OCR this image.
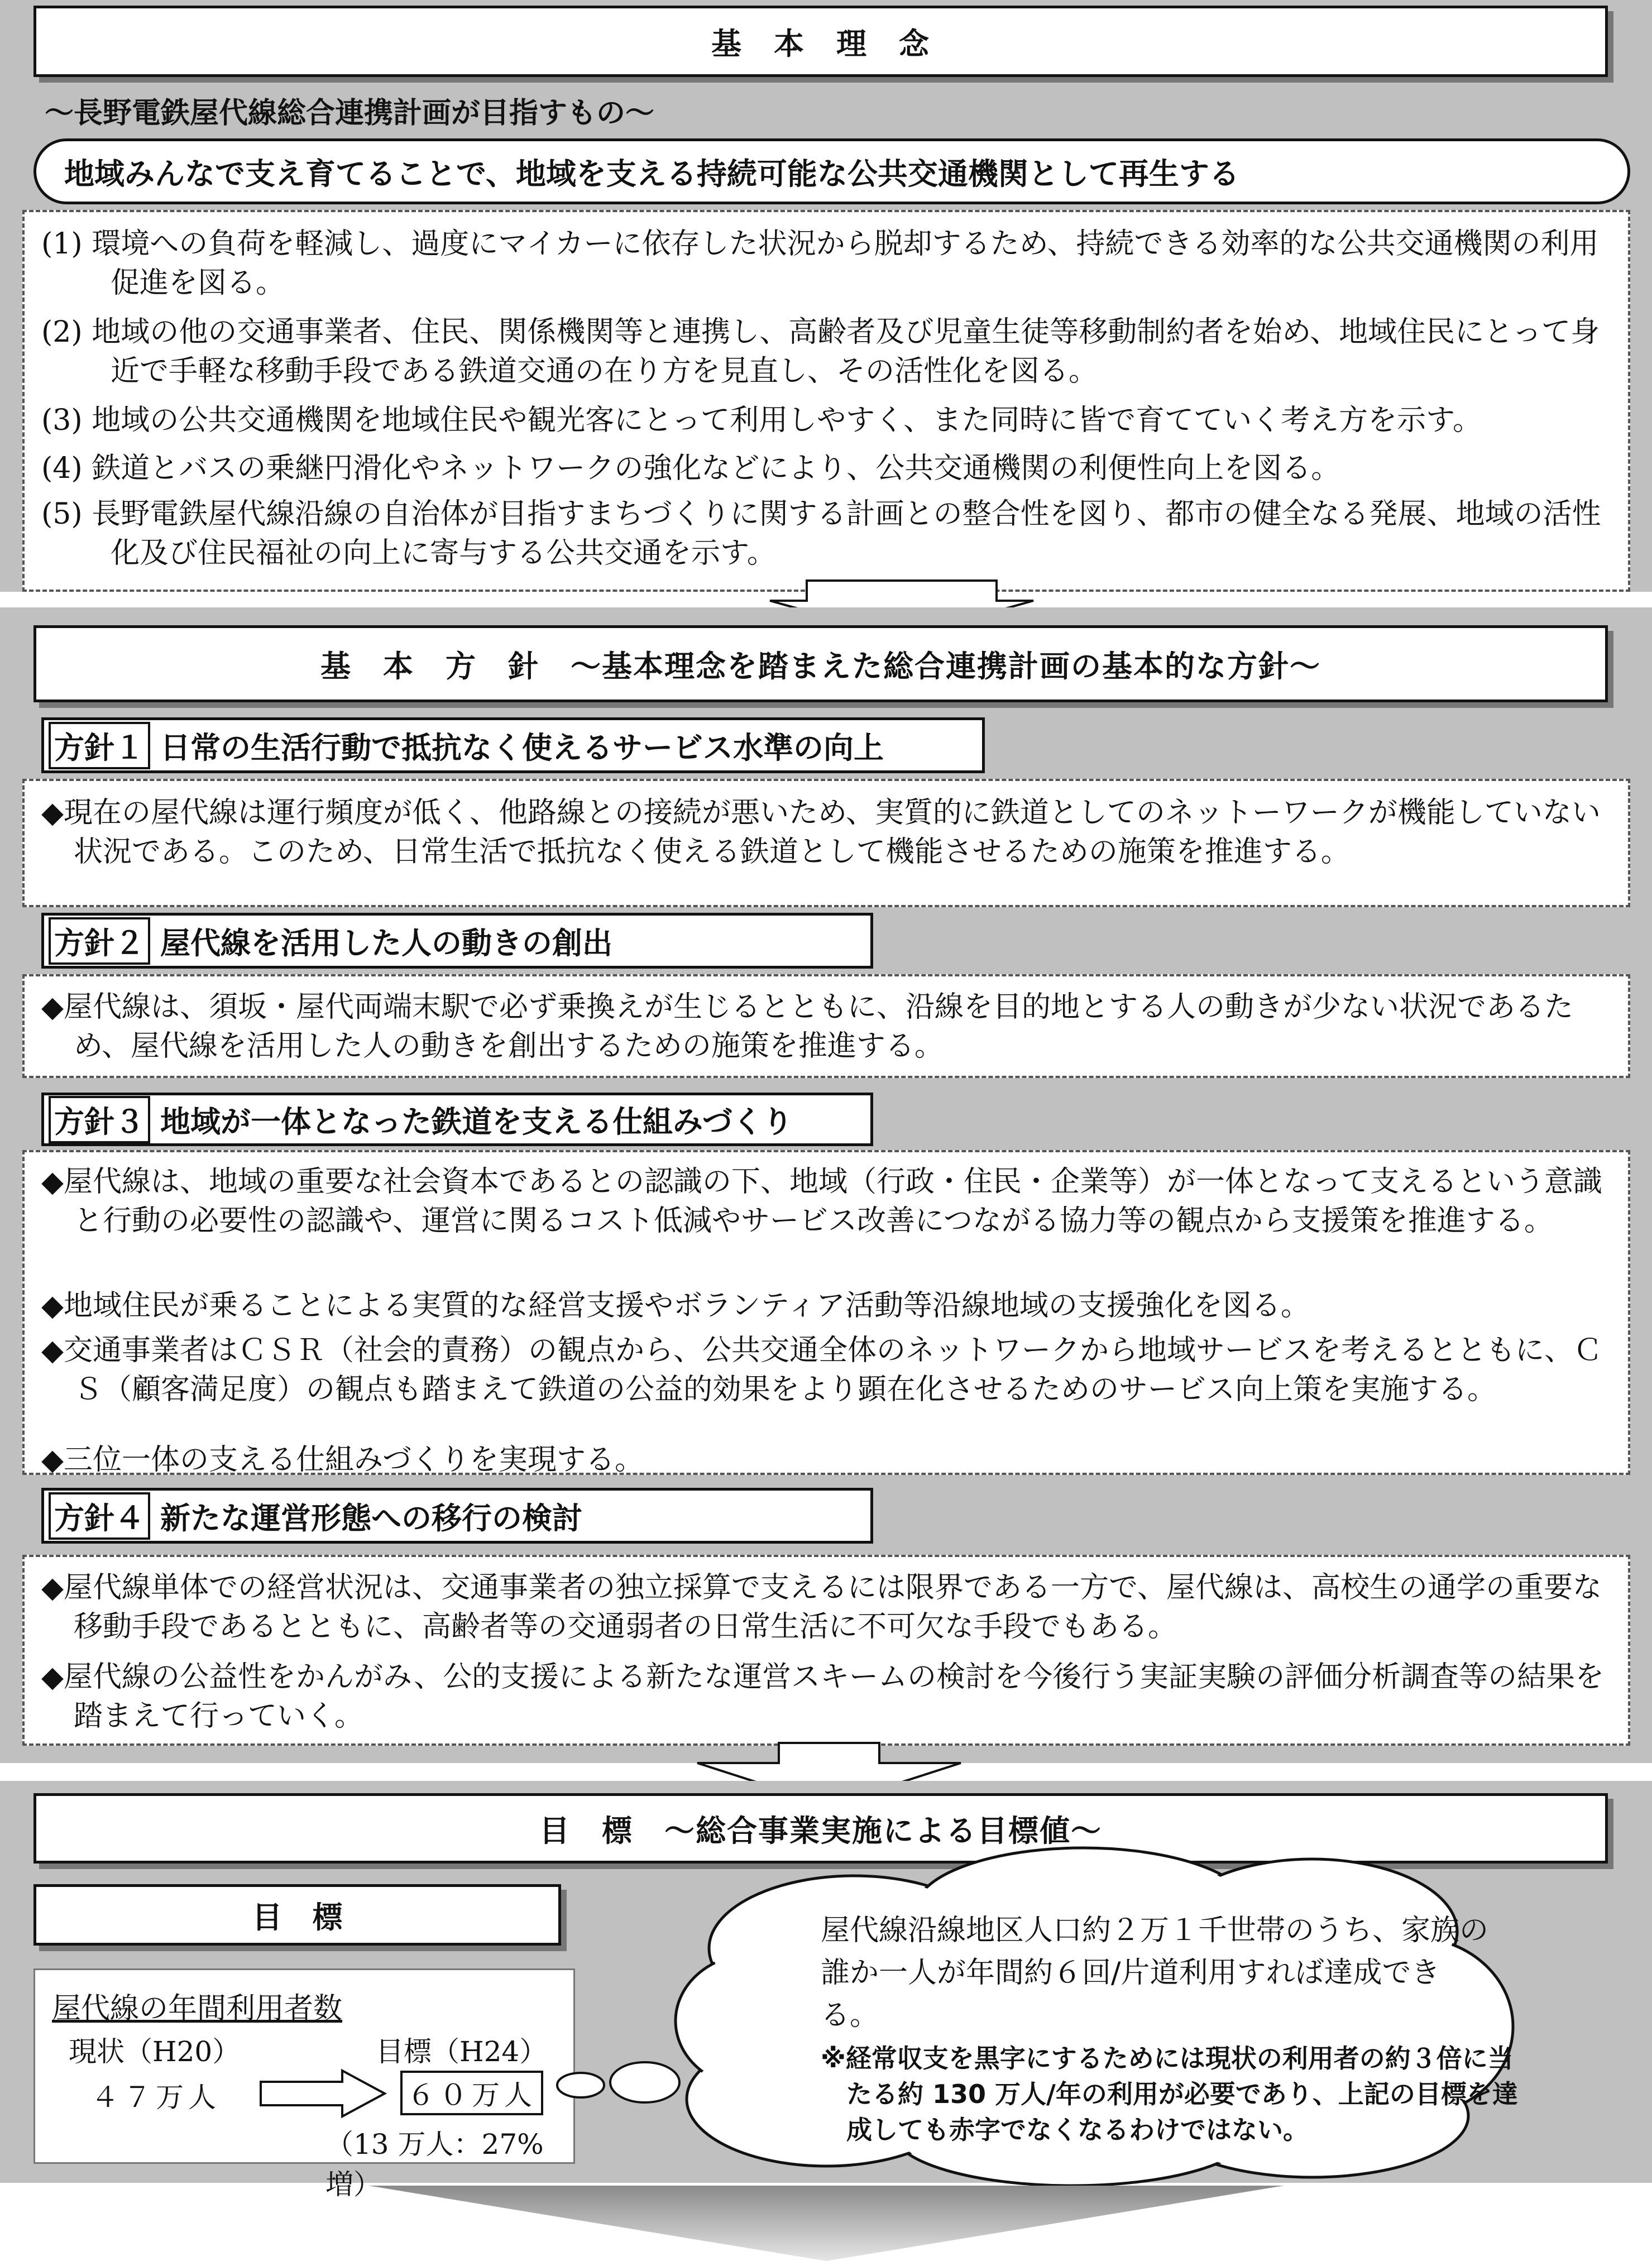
基　本　理　念
～長野電鉄屋代線総合連携計画が目指すもの～
地域みんなで支え育てることで、地域を支える持続可能な公共交通機関として再生する

(1) 環境への負荷を軽減し、過度にマイカーに依存した状況から脱却するため、持続できる効率的な公共交通機関の利用促進を図る。

(2) 地域の他の交通事業者、住民、関係機関等と連携し、高齢者及び児童生徒等移動制約者を始め、地域住民にとって身近で手軽な移動手段である鉄道交通の在り方を見直し、その活性化を図る。

(3) 地域の公共交通機関を地域住民や観光客にとって利用しやすく、また同時に皆で育てていく考え方を示す。

(4) 鉄道とバスの乗継円滑化やネットワークの強化などにより、公共交通機関の利便性向上を図る。

(5) 長野電鉄屋代線沿線の自治体が目指すまちづくりに関する計画との整合性を図り、都市の健全なる発展、地域の活性化及び住民福祉の向上に寄与する公共交通を示す。

基　本　方　針　～基本理念を踏まえた総合連携計画の基本的な方針～
方針１ 日常の生活行動で抵抗なく使えるサービス水準の向上

◆現在の屋代線は運行頻度が低く、他路線との接続が悪いため、実質的に鉄道としてのネットーワークが機能していない状況である。このため、日常生活で抵抗なく使える鉄道として機能させるための施策を推進する。

方針２ 屋代線を活用した人の動きの創出

◆屋代線は、須坂・屋代両端末駅で必ず乗換えが生じるとともに、沿線を目的地とする人の動きが少ない状況であるため、屋代線を活用した人の動きを創出するための施策を推進する。

方針３ 地域が一体となった鉄道を支える仕組みづくり

◆屋代線は、地域の重要な社会資本であるとの認識の下、地域（行政・住民・企業等）が一体となって支えるという意識と行動の必要性の認識や、運営に関るコスト低減やサービス改善につながる協力等の観点から支援策を推進する。

◆地域住民が乗ることによる実質的な経営支援やボランティア活動等沿線地域の支援強化を図る。

◆交通事業者はＣＳＲ（社会的責務）の観点から、公共交通全体のネットワークから地域サービスを考えるとともに、ＣＳ（顧客満足度）の観点も踏まえて鉄道の公益的効果をより顕在化させるためのサービス向上策を実施する。

◆三位一体の支える仕組みづくりを実現する。

方針４ 新たな運営形態への移行の検討

◆屋代線単体での経営状況は、交通事業者の独立採算で支えるには限界である一方で、屋代線は、高校生の通学の重要な移動手段であるとともに、高齢者等の交通弱者の日常生活に不可欠な手段でもある。

◆屋代線の公益性をかんがみ、公的支援による新たな運営スキームの検討を今後行う実証実験の評価分析調査等の結果を踏まえて行っていく。

目　標　～総合事業実施による目標値～
目　標
屋代線の年間利用者数
現状（H20）	目標（H24）
４７万人	６０万人
（13 万人：27%増）
屋代線沿線地区人口約２万１千世帯のうち、家族の誰か一人が年間約６回/片道利用すれば達成できる。
※経常収支を黒字にするためには現状の利用者の約３倍に当たる約 130 万人/年の利用が必要であり、上記の目標を達成しても赤字でなくなるわけではない。
